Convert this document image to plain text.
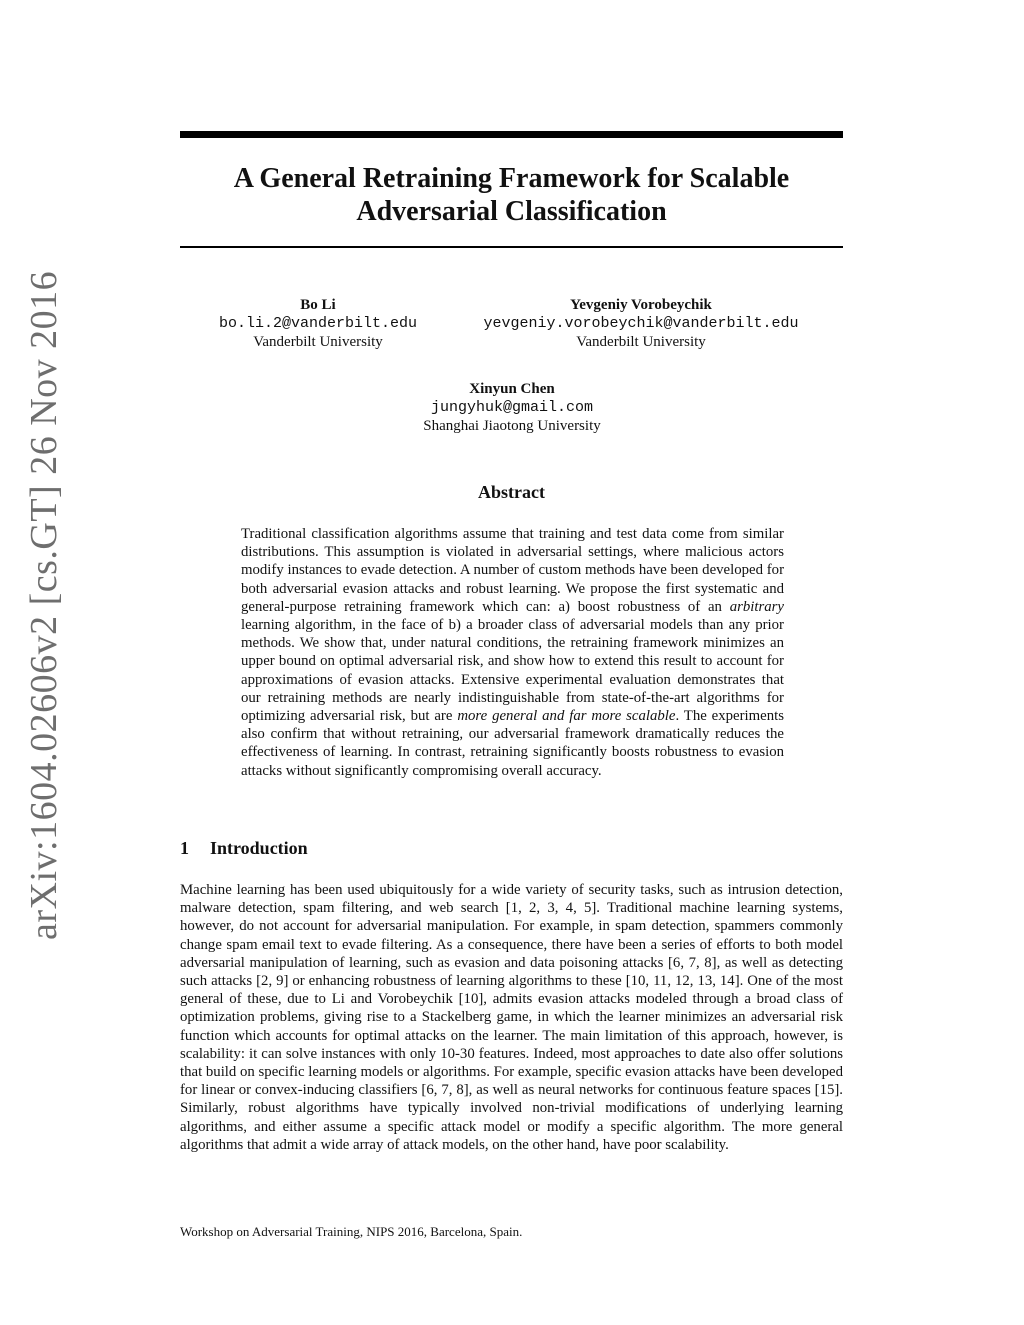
arXiv:1604.02606v2 [cs.GT] 26 Nov 2016
A General Retraining Framework for Scalable
Adversarial Classification
Bo Li
bo.li.2@vanderbilt.edu
Vanderbilt University
Yevgeniy Vorobeychik
yevgeniy.vorobeychik@vanderbilt.edu
Vanderbilt University
Xinyun Chen
jungyhuk@gmail.com
Shanghai Jiaotong University
Abstract

Traditional classification algorithms assume that training and test data come from similar distributions. This assumption is violated in adversarial settings, where malicious actors modify instances to evade detection. A number of custom methods have been developed for both adversarial evasion attacks and robust learning. We propose the first systematic and general-purpose retraining framework which can: a) boost robustness of an arbitrary learning algorithm, in the face of b) a broader class of adversarial models than any prior methods. We show that, under natural conditions, the retraining framework minimizes an upper bound on optimal adversarial risk, and show how to extend this result to account for approximations of evasion attacks. Extensive experimental evaluation demonstrates that our retraining methods are nearly indistinguishable from state-of-the-art algorithms for optimizing adversarial risk, but are more general and far more scalable. The experiments also confirm that without retraining, our adversarial framework dramatically reduces the effectiveness of learning. In contrast, retraining significantly boosts robustness to evasion attacks without significantly compromising overall accuracy.

1 Introduction

Machine learning has been used ubiquitously for a wide variety of security tasks, such as intrusion detection, malware detection, spam filtering, and web search [1, 2, 3, 4, 5]. Traditional machine learning systems, however, do not account for adversarial manipulation. For example, in spam detection, spammers commonly change spam email text to evade filtering. As a consequence, there have been a series of efforts to both model adversarial manipulation of learning, such as evasion and data poisoning attacks [6, 7, 8], as well as detecting such attacks [2, 9] or enhancing robustness of learning algorithms to these [10, 11, 12, 13, 14]. One of the most general of these, due to Li and Vorobeychik [10], admits evasion attacks modeled through a broad class of optimization problems, giving rise to a Stackelberg game, in which the learner minimizes an adversarial risk function which accounts for optimal attacks on the learner. The main limitation of this approach, however, is scalability: it can solve instances with only 10-30 features. Indeed, most approaches to date also offer solutions that build on specific learning models or algorithms. For example, specific evasion attacks have been developed for linear or convex-inducing classifiers [6, 7, 8], as well as neural networks for continuous feature spaces [15]. Similarly, robust algorithms have typically involved non-trivial modifications of underlying learning algorithms, and either assume a specific attack model or modify a specific algorithm. The more general algorithms that admit a wide array of attack models, on the other hand, have poor scalability.

Workshop on Adversarial Training, NIPS 2016, Barcelona, Spain.
